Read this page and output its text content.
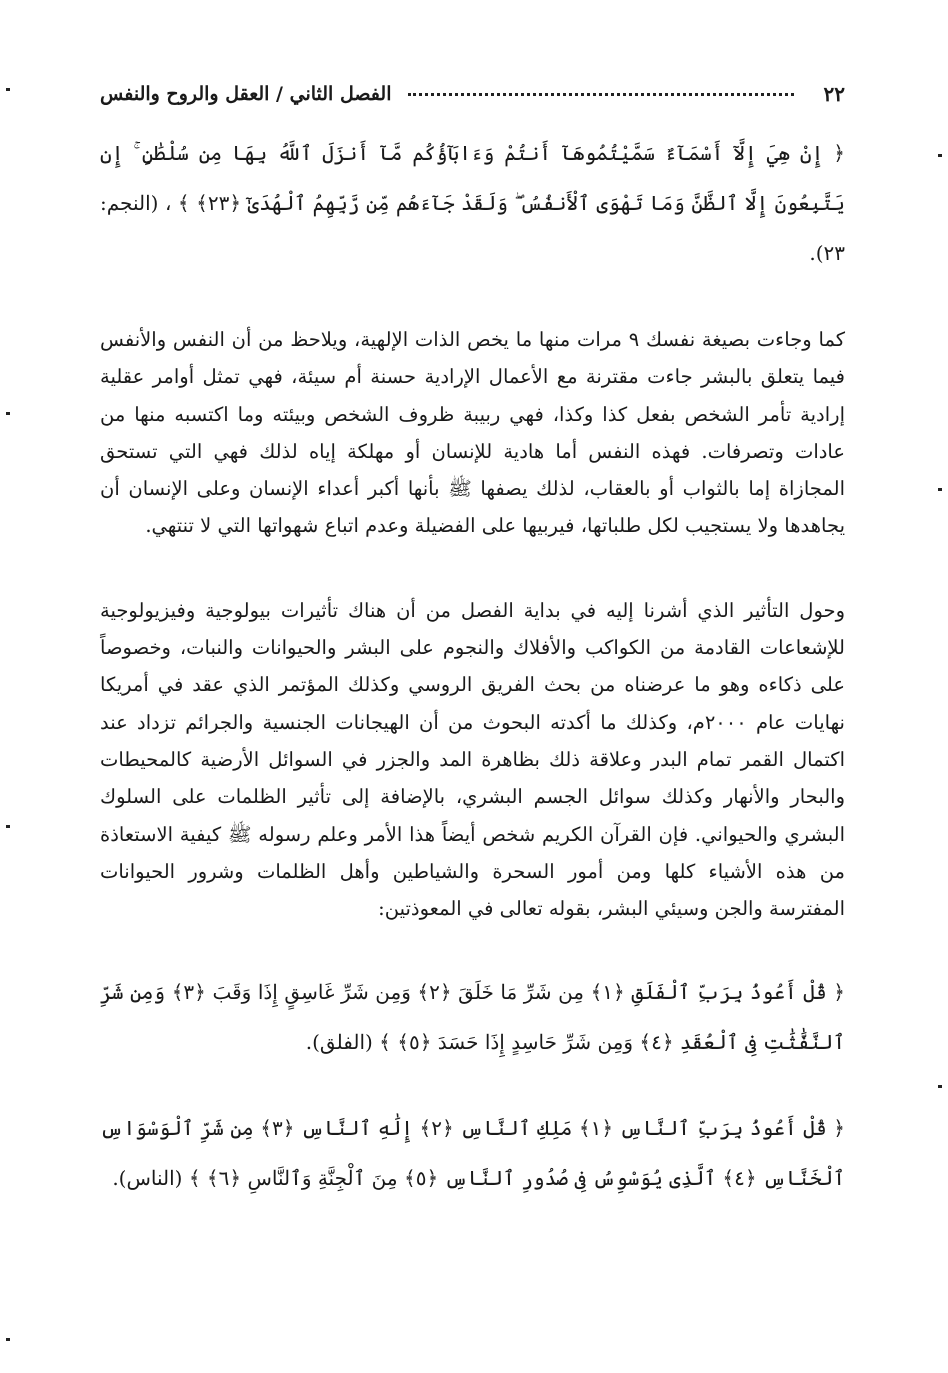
٢٢
الفصل الثاني / العقل والروح والنفس

﴿ إِنْ هِيَ إِلَّآ أَسْمَآءٌ سَمَّيْتُمُوهَآ أَنتُمْ وَءَابَآؤُكُم مَّآ أَنزَلَ ٱللَّهُ بِهَا مِن سُلْطَٰنٍ ۚ إِن يَتَّبِعُونَ إِلَّا ٱلظَّنَّ وَمَا تَهْوَى ٱلْأَنفُسُ ۖ وَلَقَدْ جَآءَهُم مِّن رَّبِّهِمُ ٱلْهُدَىٰٓ ﴿٢٣﴾ ﴾ ، (النجم: ٢٣).

كما وجاءت بصيغة نفسك ٩ مرات منها ما يخص الذات الإلهية، ويلاحظ من أن النفس والأنفس فيما يتعلق بالبشر جاءت مقترنة مع الأعمال الإرادية حسنة أم سيئة، فهي تمثل أوامر عقلية إرادية تأمر الشخص بفعل كذا وكذا، فهي ربيبة ظروف الشخص وبيئته وما اكتسبه منها من عادات وتصرفات. فهذه النفس أما هادية للإنسان أو مهلكة إياه لذلك فهي التي تستحق المجازاة إما بالثواب أو بالعقاب، لذلك يصفها ﷺ بأنها أكبر أعداء الإنسان وعلى الإنسان أن يجاهدها ولا يستجيب لكل طلباتها، فيربيها على الفضيلة وعدم اتباع شهواتها التي لا تنتهي.

وحول التأثير الذي أشرنا إليه في بداية الفصل من أن هناك تأثيرات بيولوجية وفيزيولوجية للإشعاعات القادمة من الكواكب والأفلاك والنجوم على البشر والحيوانات والنبات، وخصوصاً على ذكاءه وهو ما عرضناه من بحث الفريق الروسي وكذلك المؤتمر الذي عقد في أمريكا نهايات عام ٢٠٠٠م، وكذلك ما أكدته البحوث من أن الهيجانات الجنسية والجرائم تزداد عند اكتمال القمر تمام البدر وعلاقة ذلك بظاهرة المد والجزر في السوائل الأرضية كالمحيطات والبحار والأنهار وكذلك سوائل الجسم البشري، بالإضافة إلى تأثير الظلمات على السلوك البشري والحيواني. فإن القرآن الكريم شخص أيضاً هذا الأمر وعلم رسوله ﷺ كيفية الاستعاذة من هذه الأشياء كلها ومن أمور السحرة والشياطين وأهل الظلمات وشرور الحيوانات المفترسة والجن وسيئي البشر، بقوله تعالى في المعوذتين:

﴿ قُلْ أَعُوذُ بِرَبِّ ٱلْفَلَقِ ﴿١﴾ مِن شَرِّ مَا خَلَقَ ﴿٢﴾ وَمِن شَرِّ غَاسِقٍ إِذَا وَقَبَ ﴿٣﴾ وَمِن شَرِّ ٱلنَّفَّٰثَٰتِ فِى ٱلْعُقَدِ ﴿٤﴾ وَمِن شَرِّ حَاسِدٍ إِذَا حَسَدَ ﴿٥﴾ ﴾ (الفلق).

﴿ قُلْ أَعُوذُ بِرَبِّ ٱلنَّاسِ ﴿١﴾ مَلِكِ ٱلنَّاسِ ﴿٢﴾ إِلَٰهِ ٱلنَّاسِ ﴿٣﴾ مِن شَرِّ ٱلْوَسْوَاسِ ٱلْخَنَّاسِ ﴿٤﴾ ٱلَّذِى يُوَسْوِسُ فِى صُدُورِ ٱلنَّاسِ ﴿٥﴾ مِنَ ٱلْجِنَّةِ وَٱلنَّاسِ ﴿٦﴾ ﴾ (الناس).
